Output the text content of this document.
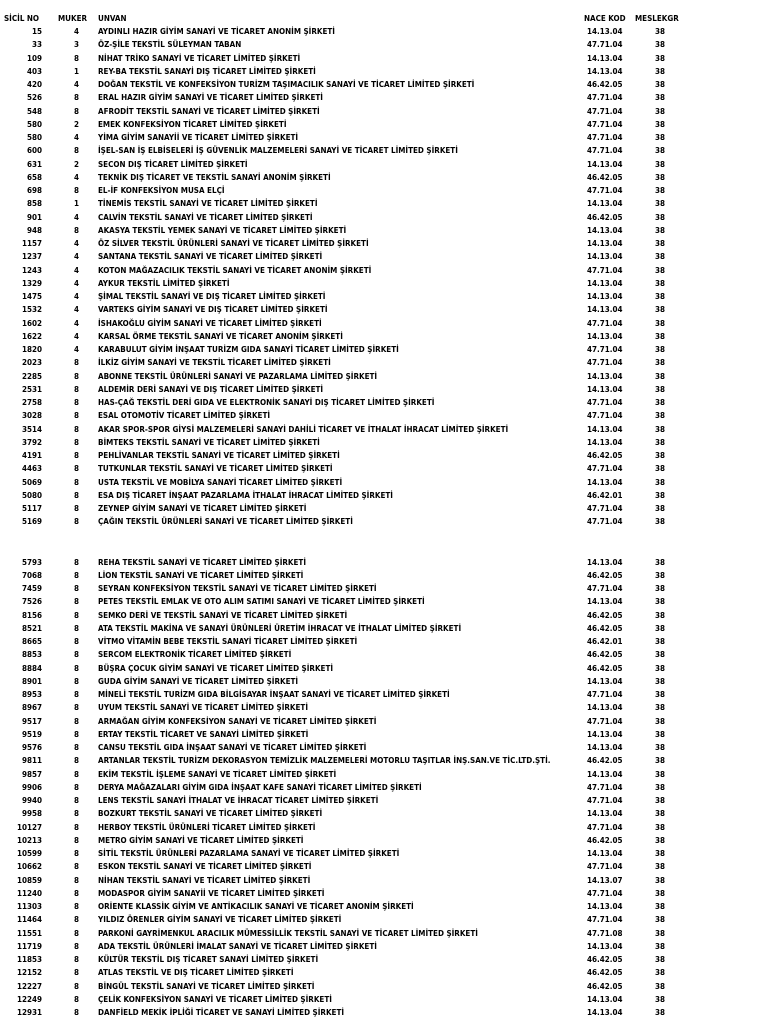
SİCİL NO MUKER UNVAN	NACE KOD MESLEKGR
15	4 AYDINLI HAZIR GİYİM SANAYİ VE TİCARET ANONİM ŞİRKETİ	14.13.04	38
33	3 ÖZ-ŞİLE TEKSTİL SÜLEYMAN TABAN	47.71.04	38
109	8 NİHAT TRİKO SANAYİ VE TİCARET LİMİTED ŞİRKETİ	14.13.04	38
403	1 REY-BA TEKSTİL SANAYİ DIŞ TİCARET LİMİTED ŞİRKETİ	14.13.04	38
420	4 DOĞAN TEKSTİL VE KONFEKSİYON TURİZM TAŞIMACILIK SANAYİ VE TİCARET LİMİTED ŞİRKETİ	46.42.05	38
526	8 ERAL HAZIR GİYİM SANAYİ VE TİCARET LİMİTED ŞİRKETİ	47.71.04	38
548	8 AFRODİT TEKSTİL SANAYİ VE TİCARET LİMİTED ŞİRKETİ	47.71.04	38
580	2 EMEK KONFEKSİYON TİCARET LİMİTED ŞİRKETİ	47.71.04	38
580	4 YİMA GİYİM SANAYİİ VE TİCARET LİMİTED ŞİRKETİ	47.71.04	38
600	8 İŞEL-SAN İŞ ELBİSELERİ İŞ GÜVENLİK MALZEMELERİ SANAYİ VE TİCARET LİMİTED ŞİRKETİ	47.71.04	38
631	2 SECON DIŞ TİCARET LİMİTED ŞİRKETİ	14.13.04	38
658	4 TEKNİK DIŞ TİCARET VE TEKSTİL SANAYİ ANONİM ŞİRKETİ	46.42.05	38
698	8 EL-İF KONFEKSİYON MUSA ELÇİ	47.71.04	38
858	1 TİNEMİS TEKSTİL SANAYİ VE TİCARET LİMİTED ŞİRKETİ	14.13.04	38
901	4 CALVİN TEKSTİL SANAYİ VE TİCARET LİMİTED ŞİRKETİ	46.42.05	38
948	8 AKASYA TEKSTİL YEMEK SANAYİ VE TİCARET LİMİTED ŞİRKETİ	14.13.04	38
1157	4 ÖZ SİLVER TEKSTİL ÜRÜNLERİ SANAYİ VE TİCARET LİMİTED ŞİRKETİ	14.13.04	38
1237	4 SANTANA TEKSTİL SANAYİ VE TİCARET LİMİTED ŞİRKETİ	14.13.04	38
1243	4 KOTON MAĞAZACILIK TEKSTİL SANAYİ VE TİCARET ANONİM ŞİRKETİ	47.71.04	38
1329	4 AYKUR TEKSTİL LİMİTED ŞİRKETİ	14.13.04	38
1475	4 ŞİMAL TEKSTİL SANAYİ VE DIŞ TİCARET LİMİTED ŞİRKETİ	14.13.04	38
1532	4 VARTEKS GİYİM SANAYİ VE DIŞ TİCARET LİMİTED ŞİRKETİ	14.13.04	38
1602	4 İSHAKOĞLU GİYİM SANAYİ VE TİCARET LİMİTED ŞİRKETİ	47.71.04	38
1622	4 KARSAL ÖRME TEKSTİL SANAYİ VE TİCARET ANONİM ŞİRKETİ	14.13.04	38
1820	4 KARABULUT GİYİM İNŞAAT TURİZM GIDA SANAYİ TİCARET LİMİTED ŞİRKETİ	47.71.04	38
2023	8 İLKİZ GİYİM SANAYİ VE TEKSTİL TİCARET LİMİTED ŞİRKETİ	47.71.04	38
2285	8 ABONNE TEKSTİL ÜRÜNLERİ SANAYİ VE PAZARLAMA LİMİTED ŞİRKETİ	14.13.04	38
2531	8 ALDEMİR DERİ SANAYİ VE DIŞ TİCARET LİMİTED ŞİRKETİ	14.13.04	38
2758	8 HAS-ÇAĞ TEKSTİL DERİ GIDA VE ELEKTRONİK SANAYİ DIŞ TİCARET LİMİTED ŞİRKETİ	47.71.04	38
3028	8 ESAL OTOMOTİV TİCARET LİMİTED ŞİRKETİ	47.71.04	38
3514	8 AKAR SPOR-SPOR GİYSİ MALZEMELERİ SANAYİ DAHİLİ TİCARET VE İTHALAT İHRACAT LİMİTED ŞİRKETİ	14.13.04	38
3792	8 BİMTEKS TEKSTİL SANAYİ VE TİCARET LİMİTED ŞİRKETİ	14.13.04	38
4191	8 PEHLİVANLAR TEKSTİL SANAYİ VE TİCARET LİMİTED ŞİRKETİ	46.42.05	38
4463	8 TUTKUNLAR TEKSTİL SANAYİ VE TİCARET LİMİTED ŞİRKETİ	47.71.04	38
5069	8 USTA TEKSTİL VE MOBİLYA SANAYİ TİCARET LİMİTED ŞİRKETİ	14.13.04	38
5080	8 ESA DIŞ TİCARET İNŞAAT PAZARLAMA İTHALAT İHRACAT LİMİTED ŞİRKETİ	46.42.01	38
5117	8 ZEYNEP GİYİM SANAYİ VE TİCARET LİMİTED ŞİRKETİ	47.71.04	38
5169	8 ÇAĞIN TEKSTİL ÜRÜNLERİ SANAYİ VE TİCARET LİMİTED ŞİRKETİ	47.71.04	38
5793	8 REHA TEKSTİL SANAYİ VE TİCARET LİMİTED ŞİRKETİ	14.13.04	38
7068	8 LİON TEKSTİL SANAYİ VE TİCARET LİMİTED ŞİRKETİ	46.42.05	38
7459	8 SEYRAN KONFEKSİYON TEKSTİL SANAYİ VE TİCARET LİMİTED ŞİRKETİ	47.71.04	38
7526	8 PETES TEKSTİL EMLAK VE OTO ALIM SATIMI SANAYİ VE TİCARET LİMİTED ŞİRKETİ	14.13.04	38
8156	8 SEMKO DERİ VE TEKSTİL SANAYİ VE TİCARET LİMİTED ŞİRKETİ	46.42.05	38
8521	8 ATA TEKSTİL MAKİNA VE SANAYİ ÜRÜNLERİ ÜRETİM İHRACAT VE İTHALAT LİMİTED ŞİRKETİ	46.42.05	38
8665	8 VİTMO VİTAMİN BEBE TEKSTİL SANAYİ TİCARET LİMİTED ŞİRKETİ	46.42.01	38
8853	8 SERCOM ELEKTRONİK TİCARET LİMİTED ŞİRKETİ	46.42.05	38
8884	8 BÜŞRA ÇOCUK GİYİM SANAYİ VE TİCARET LİMİTED ŞİRKETİ	46.42.05	38
8901	8 GUDA GİYİM SANAYİ VE TİCARET LİMİTED ŞİRKETİ	14.13.04	38
8953	8 MİNELİ TEKSTİL TURİZM GIDA BİLGİSAYAR İNŞAAT SANAYİ VE TİCARET LİMİTED ŞİRKETİ	47.71.04	38
8967	8 UYUM TEKSTİL SANAYİ VE TİCARET LİMİTED ŞİRKETİ	14.13.04	38
9517	8 ARMAĞAN GİYİM KONFEKSİYON SANAYİ VE TİCARET LİMİTED ŞİRKETİ	47.71.04	38
9519	8 ERTAY TEKSTİL TİCARET VE SANAYİ LİMİTED ŞİRKETİ	14.13.04	38
9576	8 CANSU TEKSTİL GIDA İNŞAAT SANAYİ VE TİCARET LİMİTED ŞİRKETİ	14.13.04	38
9811	8 ARTANLAR TEKSTİL TURİZM DEKORASYON TEMİZLİK MALZEMELERİ MOTORLU TAŞITLAR İNŞ.SAN.VE TİC.LTD.ŞTİ.	46.42.05	38
9857	8 EKİM TEKSTİL İŞLEME SANAYİ VE TİCARET LİMİTED ŞİRKETİ	14.13.04	38
9906	8 DERYA MAĞAZALARI GİYİM GIDA İNŞAAT KAFE SANAYİ TİCARET LİMİTED ŞİRKETİ	47.71.04	38
9940	8 LENS TEKSTİL SANAYİ İTHALAT VE İHRACAT TİCARET LİMİTED ŞİRKETİ	47.71.04	38
9958	8 BOZKURT TEKSTİL SANAYİ VE TİCARET LİMİTED ŞİRKETİ	14.13.04	38
10127	8 HERBOY TEKSTİL ÜRÜNLERİ TİCARET LİMİTED ŞİRKETİ	47.71.04	38
10213	8 METRO GİYİM SANAYİ VE TİCARET LİMİTED ŞİRKETİ	46.42.05	38
10599	8 SİTİL TEKSTİL ÜRÜNLERİ PAZARLAMA SANAYİ VE TİCARET LİMİTED ŞİRKETİ	14.13.04	38
10662	8 ESKON TEKSTİL SANAYİ VE TİCARET LİMİTED ŞİRKETİ	47.71.04	38
10859	8 NİHAN TEKSTİL SANAYİ VE TİCARET LİMİTED ŞİRKETİ	14.13.07	38
11240	8 MODASPOR GİYİM SANAYİİ VE TİCARET LİMİTED ŞİRKETİ	47.71.04	38
11303	8 ORİENTE KLASSİK GİYİM VE ANTİKACILIK SANAYİ VE TİCARET ANONİM ŞİRKETİ	14.13.04	38
11464	8 YILDIZ ÖRENLER GİYİM SANAYİ VE TİCARET LİMİTED ŞİRKETİ	47.71.04	38
11551	8 PARKONİ GAYRİMENKUL ARACILIK MÜMESSİLLİK TEKSTİL SANAYİ VE TİCARET LİMİTED ŞİRKETİ	47.71.08	38
11719	8 ADA TEKSTİL ÜRÜNLERİ İMALAT SANAYİ VE TİCARET LİMİTED ŞİRKETİ	14.13.04	38
11853	8 KÜLTÜR TEKSTİL DIŞ TİCARET SANAYİ LİMİTED ŞİRKETİ	46.42.05	38
12152	8 ATLAS TEKSTİL VE DIŞ TİCARET LİMİTED ŞİRKETİ	46.42.05	38
12227	8 BİNGÜL TEKSTİL SANAYİ VE TİCARET LİMİTED ŞİRKETİ	46.42.05	38
12249	8 ÇELİK KONFEKSİYON SANAYİ VE TİCARET LİMİTED ŞİRKETİ	14.13.04	38
12931	8 DANFİELD MEKİK İPLİĞİ TİCARET VE SANAYİ LİMİTED ŞİRKETİ	14.13.04	38
